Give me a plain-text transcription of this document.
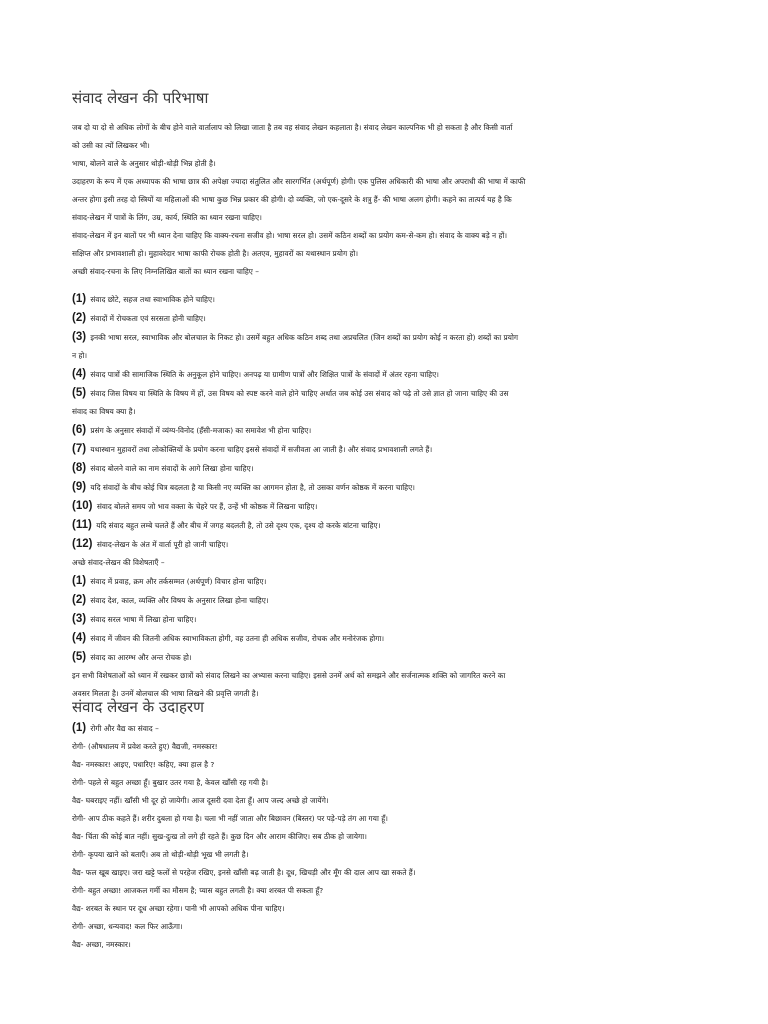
संवाद लेखन की परिभाषा

जब दो या दो से अधिक लोगों के बीच होने वाले वार्तालाप को लिखा जाता है तब वह संवाद लेखन कहलाता है। संवाद लेखन काल्पनिक भी हो सकता है और किसी वार्ता

को उसी का त्यों लिखकर भी।

भाषा, बोलने वाले के अनुसार थोड़ी-थोड़ी भिन्न होती है।

उदाहरण के रूप में एक अध्यापक की भाषा छात्र की अपेक्षा ज्यादा संतुलित और सारगर्भित (अर्थपूर्ण) होगी। एक पुलिस अधिकारी की भाषा और अपराधी की भाषा में काफी

अन्तर होगा इसी तरह दो स्त्रियों या महिलाओं की भाषा कुछ भिन्न प्रकार की होगी। दो व्यक्ति, जो एक-दूसरे के शत्रु हैं- की भाषा अलग होगी। कहने का तात्पर्य यह है कि

संवाद-लेखन में पात्रों के लिंग, उम्र, कार्य, स्थिति का ध्यान रखना चाहिए।

संवाद-लेखन में इन बातों पर भी ध्यान देना चाहिए कि वाक्य-रचना सजीव हो। भाषा सरल हो। उसमें कठिन शब्दों का प्रयोग कम-से-कम हो। संवाद के वाक्य बड़े न हों।

सक्षिप्त और प्रभावशाली हो। मुहावरेदार भाषा काफी रोचक होती है। अतएव, मुहावरों का यथास्थान प्रयोग हो।

अच्छी संवाद-रचना के लिए निम्नलिखित बातों का ध्यान रखना चाहिए –

(1) संवाद छोटे, सहज तथा स्वाभाविक होने चाहिए।

(2) संवादों में रोचकता एवं सरसता होनी चाहिए।

(3) इनकी भाषा सरल, स्वाभाविक और बोलचाल के निकट हो। उसमें बहुत अधिक कठिन शब्द तथा अप्रचलित (जिन शब्दों का प्रयोग कोई न करता हो) शब्दों का प्रयोग

न हो।

(4) संवाद पात्रों की सामाजिक स्थिति के अनुकूल होने चाहिए। अनपढ़ या ग्रामीण पात्रों और शिक्षित पात्रों के संवादों में अंतर रहना चाहिए।

(5) संवाद जिस विषय या स्थिति के विषय में हों, उस विषय को स्पष्ट करने वाले होने चाहिए अर्थात जब कोई उस संवाद को पढ़े तो उसे ज्ञात हो जाना चाहिए की उस

संवाद का विषय क्या है।

(6) प्रसंग के अनुसार संवादों में व्यंग्य-विनोद (हँसी-मजाक) का समावेश भी होना चाहिए।

(7) यथास्थान मुहावरों तथा लोकोक्तियों के प्रयोग करना चाहिए इससे संवादों में सजीवता आ जाती है। और संवाद प्रभावशाली लगते हैं।

(8) संवाद बोलने वाले का नाम संवादों के आगे लिखा होना चाहिए।

(9) यदि संवादों के बीच कोई चित्र बदलता है या किसी नए व्यक्ति का आगमन होता है, तो उसका वर्णन कोष्ठक में करना चाहिए।

(10) संवाद बोलते समय जो भाव वक्ता के चेहरे पर हैं, उन्हें भी कोष्ठक में लिखना चाहिए।

(11) यदि संवाद बहुत लम्बे चलते हैं और बीच में जगह बदलती है, तो उसे दृश्य एक, दृश्य दो करके बांटना चाहिए।

(12) संवाद-लेखन के अंत में वार्ता पूरी हो जानी चाहिए।

अच्छे संवाद-लेखन की विशेषताएँ –

(1) संवाद में प्रवाह, क्रम और तर्कसम्मत (अर्थपूर्ण) विचार होना चाहिए।

(2) संवाद देश, काल, व्यक्ति और विषय के अनुसार लिखा होना चाहिए।

(3) संवाद सरल भाषा में लिखा होना चाहिए।

(4) संवाद में जीवन की जितनी अधिक स्वाभाविकता होगी, वह उतना ही अधिक सजीव, रोचक और मनोरंजक होगा।

(5) संवाद का आरम्भ और अन्त रोचक हो।

इन सभी विशेषताओं को ध्यान में रखकर छात्रों को संवाद लिखने का अभ्यास करना चाहिए। इससे उनमें अर्थ को समझने और सर्जनात्मक शक्ति को जागरित करने का

अवसर मिलता है। उनमें बोलचाल की भाषा लिखने की प्रवृत्ति जगती है।

संवाद लेखन के उदाहरण

(1) रोगी और वैद्य का संवाद –

रोगी- (औषधालय में प्रवेश करते हुए) वैद्यजी, नमस्कार!

वैद्य- नमस्कार! आइए, पधारिए! कहिए, क्या हाल है ?

रोगी- पहले से बहुत अच्छा हूँ। बुखार उतर गया है, केवल खाँसी रह गयी है।

वैद्य- घबराइए नहीं। खाँसी भी दूर हो जायेगी। आज दूसरी दवा देता हूँ। आप जल्द अच्छे हो जायेंगे।

रोगी- आप ठीक कहते हैं। शरीर दुबला हो गया है। चला भी नहीं जाता और बिछावन (बिस्तर) पर पड़े-पड़े तंग आ गया हूँ।

वैद्य- चिंता की कोई बात नहीं। सुख-दुःख तो लगे ही रहते हैं। कुछ दिन और आराम कीजिए। सब ठीक हो जायेगा।

रोगी- कृपया खाने को बताएँ। अब तो थोड़ी-थोड़ी भूख भी लगती है।

वैद्य- फल खूब खाइए। जरा खट्टे फलों से परहेज रखिए, इनसे खाँसी बढ़ जाती है। दूध, खिचड़ी और मूँग की दाल आप खा सकते हैं।

रोगी- बहुत अच्छा! आजकल गर्मी का मौसम है; प्यास बहुत लगती है। क्या शरबत पी सकता हूँ?

वैद्य- शरबत के स्थान पर दूध अच्छा रहेगा। पानी भी आपको अधिक पीना चाहिए।

रोगी- अच्छा, धन्यवाद! कल फिर आऊँगा।

वैद्य- अच्छा, नमस्कार।
